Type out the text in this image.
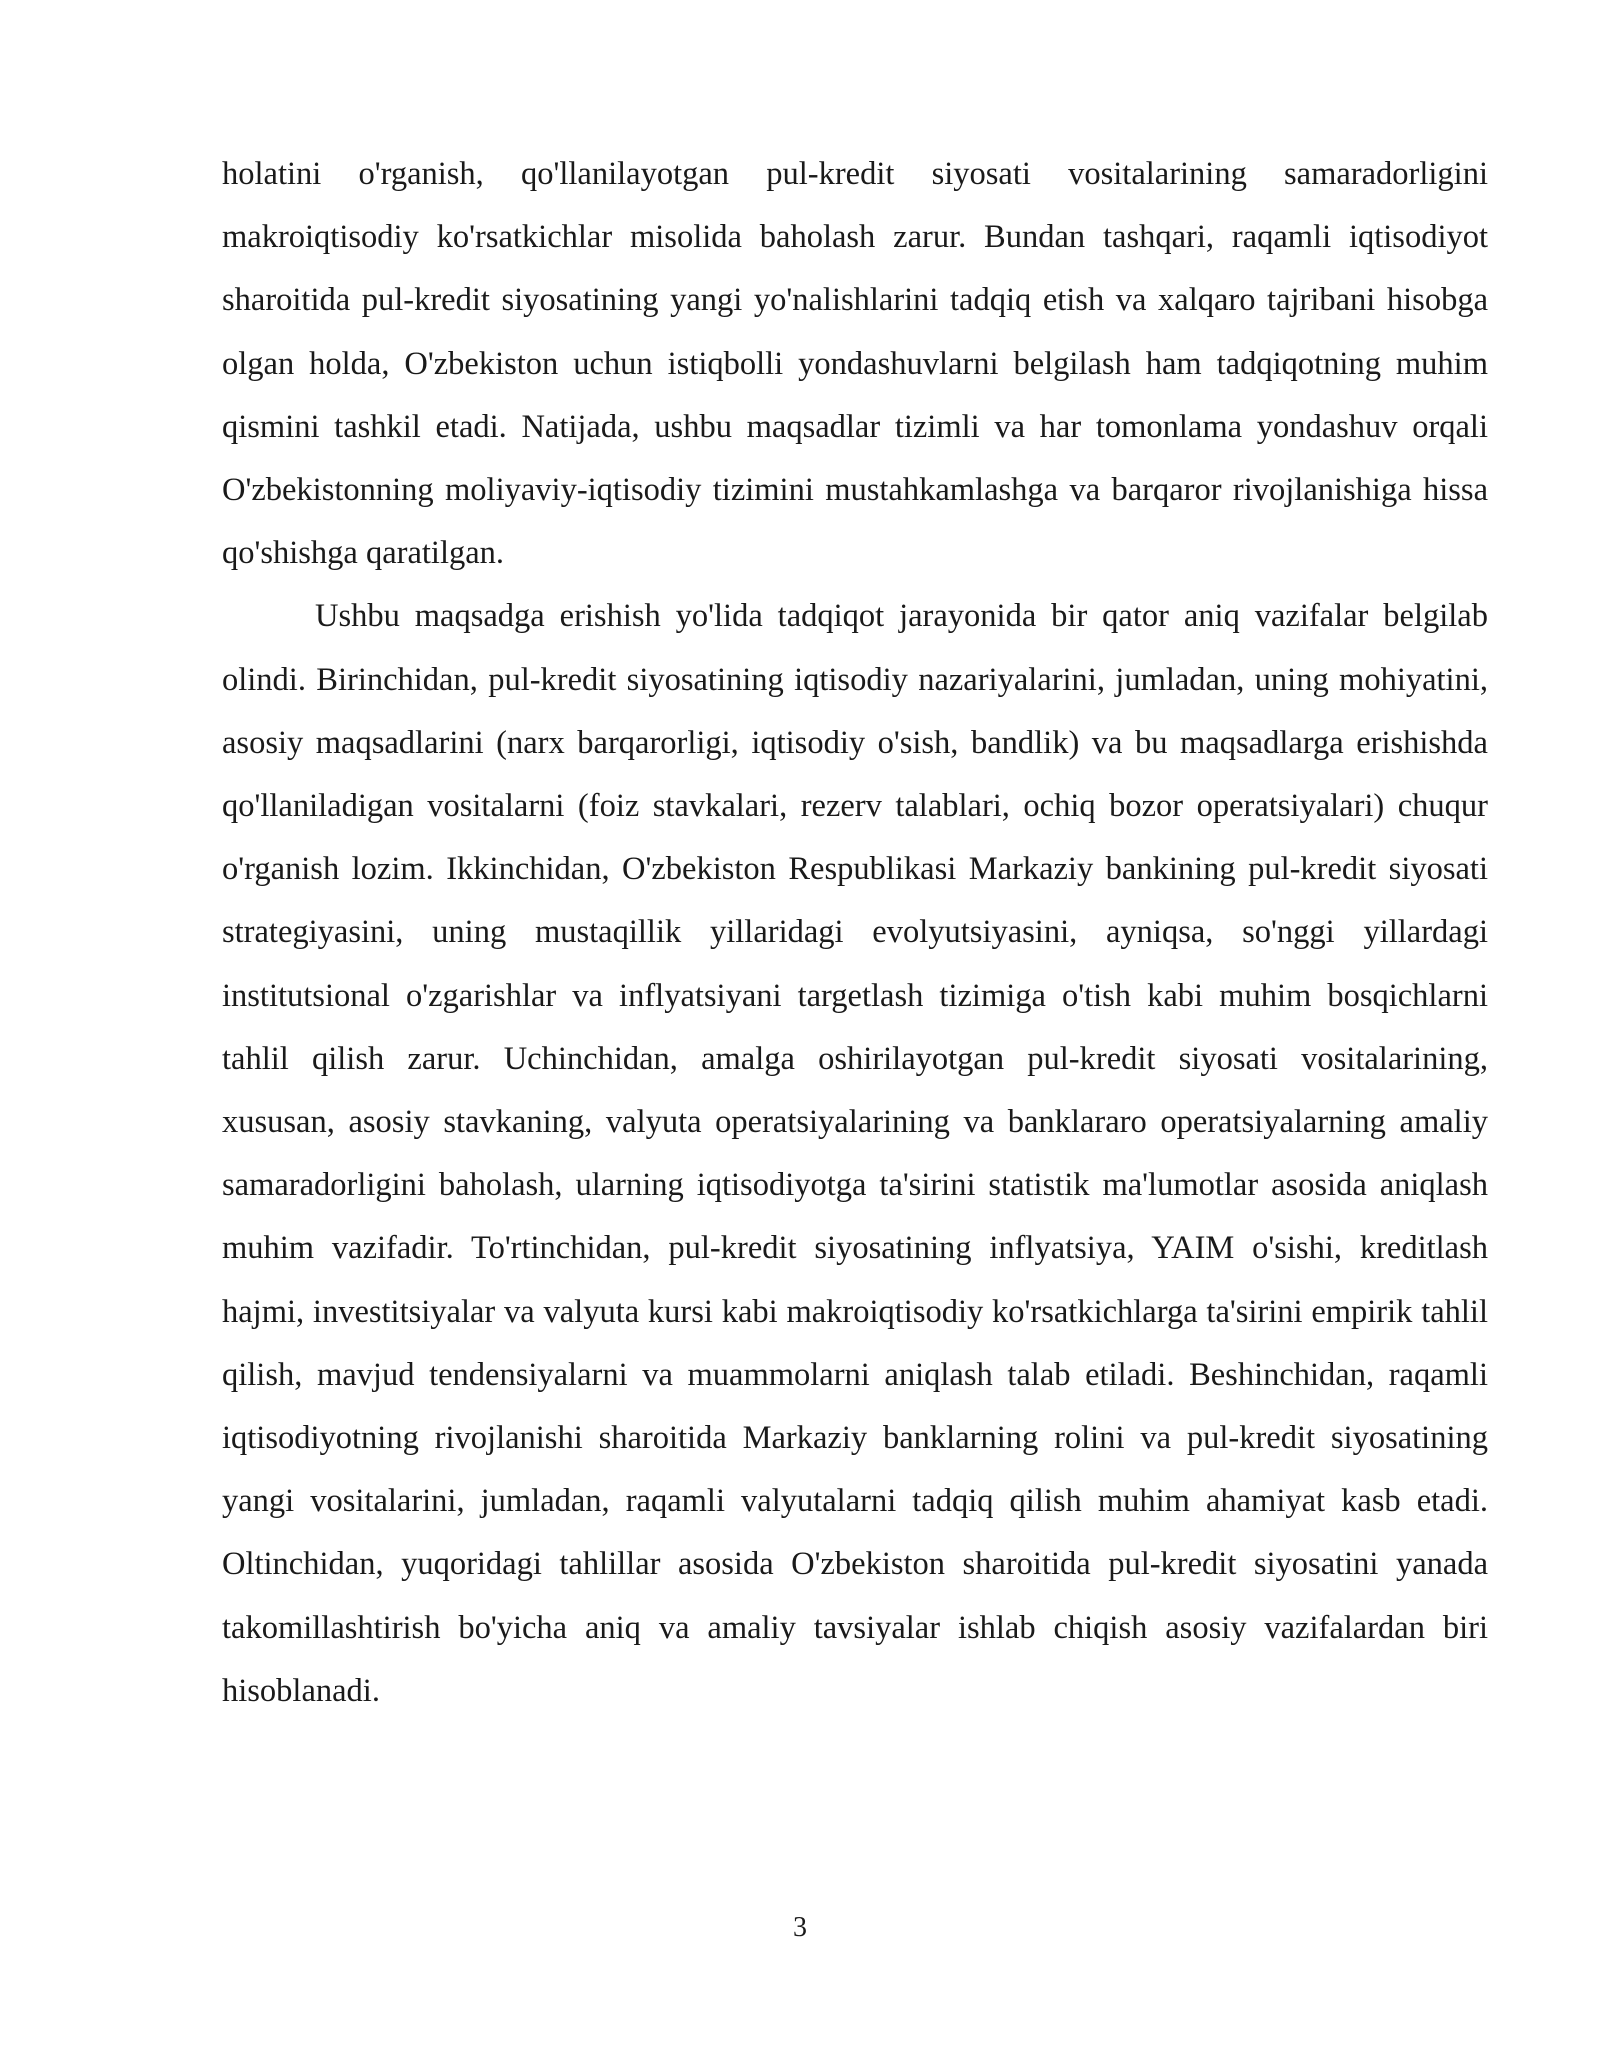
holatini o'rganish, qo'llanilayotgan pul-kredit siyosati vositalarining samaradorligini makroiqtisodiy ko'rsatkichlar misolida baholash zarur. Bundan tashqari, raqamli iqtisodiyot sharoitida pul-kredit siyosatining yangi yo'nalishlarini tadqiq etish va xalqaro tajribani hisobga olgan holda, O'zbekiston uchun istiqbolli yondashuvlarni belgilash ham tadqiqotning muhim qismini tashkil etadi. Natijada, ushbu maqsadlar tizimli va har tomonlama yondashuv orqali O'zbekistonning moliyaviy-iqtisodiy tizimini mustahkamlashga va barqaror rivojlanishiga hissa qo'shishga qaratilgan.

Ushbu maqsadga erishish yo'lida tadqiqot jarayonida bir qator aniq vazifalar belgilab olindi. Birinchidan, pul-kredit siyosatining iqtisodiy nazariyalarini, jumladan, uning mohiyatini, asosiy maqsadlarini (narx barqarorligi, iqtisodiy o'sish, bandlik) va bu maqsadlarga erishishda qo'llaniladigan vositalarni (foiz stavkalari, rezerv talablari, ochiq bozor operatsiyalari) chuqur o'rganish lozim. Ikkinchidan, O'zbekiston Respublikasi Markaziy bankining pul-kredit siyosati strategiyasini, uning mustaqillik yillaridagi evolyutsiyasini, ayniqsa, so'nggi yillardagi institutsional o'zgarishlar va inflyatsiyani targetlash tizimiga o'tish kabi muhim bosqichlarni tahlil qilish zarur. Uchinchidan, amalga oshirilayotgan pul-kredit siyosati vositalarining, xususan, asosiy stavkaning, valyuta operatsiyalarining va banklararo operatsiyalarning amaliy samaradorligini baholash, ularning iqtisodiyotga ta'sirini statistik ma'lumotlar asosida aniqlash muhim vazifadir. To'rtinchidan, pul-kredit siyosatining inflyatsiya, YAIM o'sishi, kreditlash hajmi, investitsiyalar va valyuta kursi kabi makroiqtisodiy ko'rsatkichlarga ta'sirini empirik tahlil qilish, mavjud tendensiyalarni va muammolarni aniqlash talab etiladi. Beshinchidan, raqamli iqtisodiyotning rivojlanishi sharoitida Markaziy banklarning rolini va pul-kredit siyosatining yangi vositalarini, jumladan, raqamli valyutalarni tadqiq qilish muhim ahamiyat kasb etadi. Oltinchidan, yuqoridagi tahlillar asosida O'zbekiston sharoitida pul-kredit siyosatini yanada takomillashtirish bo'yicha aniq va amaliy tavsiyalar ishlab chiqish asosiy vazifalardan biri hisoblanadi.

3
